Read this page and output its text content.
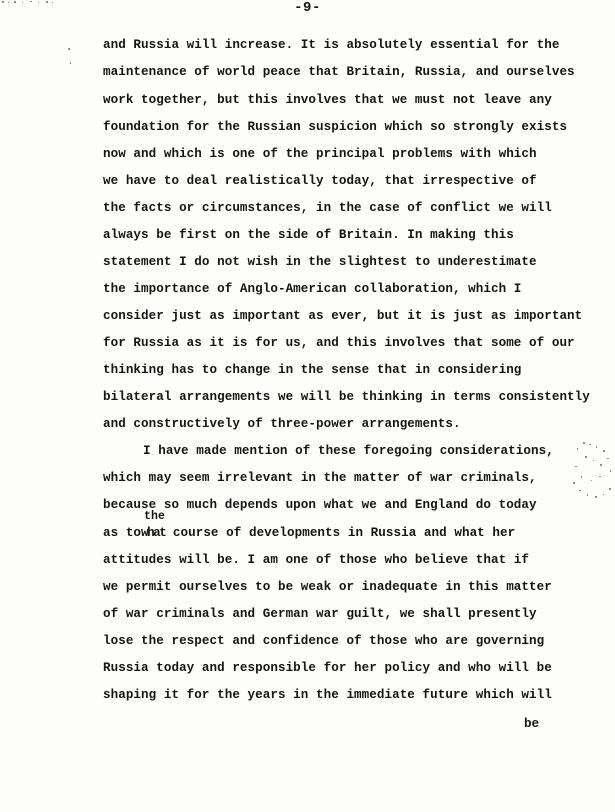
-9-
and Russia will increase. It is absolutely essential for the
maintenance of world peace that Britain, Russia, and ourselves
work together, but this involves that we must not leave any
foundation for the Russian suspicion which so strongly exists
now and which is one of the principal problems with which
we have to deal realistically today, that irrespective of
the facts or circumstances, in the case of conflict we will
always be first on the side of Britain. In making this
statement I do not wish in the slightest to underestimate
the importance of Anglo-American collaboration, which I
consider just as important as ever, but it is just as important
for Russia as it is for us, and this involves that some of our
thinking has to change in the sense that in considering
bilateral arrangements we will be thinking in terms consistently
and constructively of three-power arrangements.
I have made mention of these foregoing considerations,
which may seem irrelevant in the matter of war criminals,
because so much depends upon what we and England do today
as to
the
what course of developments in Russia and what her
attitudes will be. I am one of those who believe that if
we permit ourselves to be weak or inadequate in this matter
of war criminals and German war guilt, we shall presently
lose the respect and confidence of those who are governing
Russia today and responsible for her policy and who will be
shaping it for the years in the immediate future which will
be
